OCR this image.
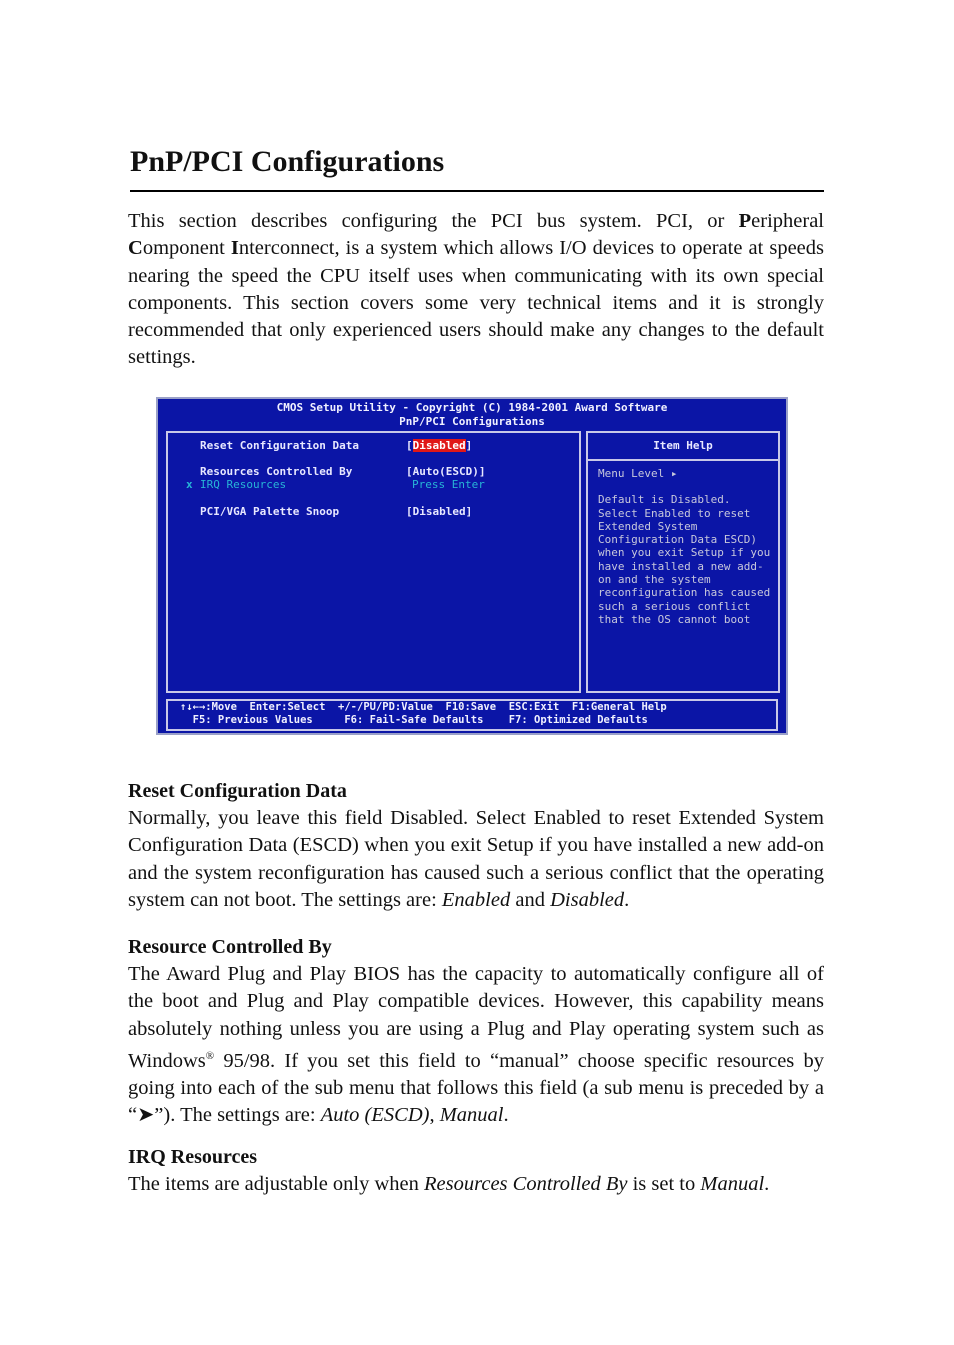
PnP/PCI Configurations

This section describes configuring the PCI bus system. PCI, or Peripheral Component Interconnect, is a system which allows I/O devices to operate at speeds nearing the speed the CPU itself uses when communicating with its own special components. This section covers some very technical items and it is strongly recommended that only experienced users should make any changes to the default settings.

CMOS Setup Utility - Copyright (C) 1984-2001 Award Software
PnP/PCI Configurations
Reset Configuration Data	[Disabled]
Resources Controlled By	[Auto(ESCD)]
x IRQ Resources	Press Enter
PCI/VGA Palette Snoop	[Disabled]
Item Help
Menu Level ▸
Default is Disabled. Select Enabled to reset Extended System Configuration Data ESCD) when you exit Setup if you have installed a new add-on and the system reconfiguration has caused such a serious conflict that the OS cannot boot
↑↓←→:Move  Enter:Select  +/-/PU/PD:Value  F10:Save  ESC:Exit  F1:General Help
F5: Previous Values     F6: Fail-Safe Defaults    F7: Optimized Defaults
Reset Configuration Data

Normally, you leave this field Disabled. Select Enabled to reset Extended System Configuration Data (ESCD) when you exit Setup if you have installed a new add-on and the system reconfiguration has caused such a serious conflict that the operating system can not boot. The settings are: Enabled and Disabled.

Resource Controlled By

The Award Plug and Play BIOS has the capacity to automatically configure all of the boot and Plug and Play compatible devices. However, this capability means absolutely nothing unless you are using a Plug and Play operating system such as Windows® 95/98. If you set this field to “manual” choose specific resources by going into each of the sub menu that follows this field (a sub menu is preceded by a “➤”). The settings are: Auto (ESCD), Manual.

IRQ Resources

The items are adjustable only when Resources Controlled By is set to Manual.
